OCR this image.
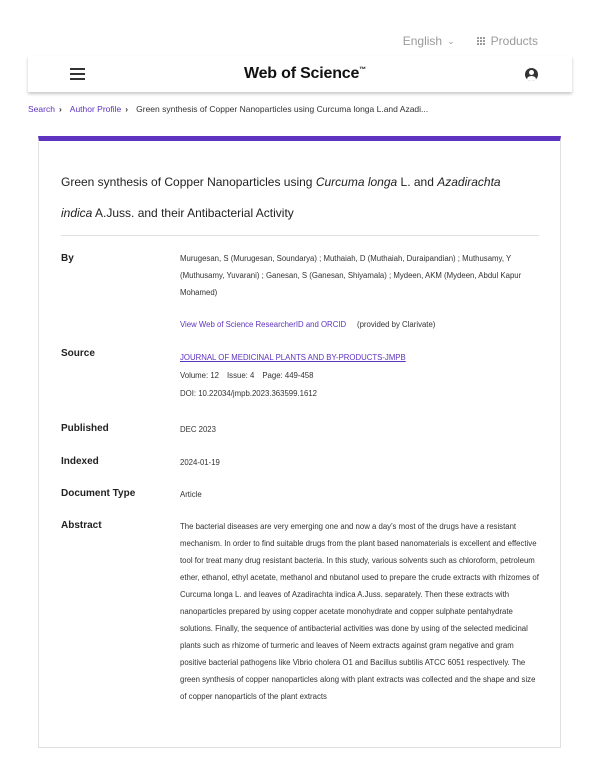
English ⌄	Products
Web of Science™
Search › Author Profile › Green synthesis of Copper Nanoparticles using Curcuma longa L.and Azadi...
Green synthesis of Copper Nanoparticles using Curcuma longa L. and Azadirachta indica A.Juss. and their Antibacterial Activity
By	Murugesan, S (Murugesan, Soundarya) ; Muthaiah, D (Muthaiah, Duraipandian) ; Muthusamy, Y (Muthusamy, Yuvarani) ; Ganesan, S (Ganesan, Shiyamala) ; Mydeen, AKM (Mydeen, Abdul Kapur Mohamed)
View Web of Science ResearcherID and ORCID (provided by Clarivate)
Source	JOURNAL OF MEDICINAL PLANTS AND BY-PRODUCTS-JMPB
Volume: 12 Issue: 4 Page: 449-458
DOI: 10.22034/jmpb.2023.363599.1612
Published	DEC 2023
Indexed	2024-01-19
Document Type	Article
Abstract	The bacterial diseases are very emerging one and now a day's most of the drugs have a resistant mechanism. In order to find suitable drugs from the plant based nanomaterials is excellent and effective tool for treat many drug resistant bacteria. In this study, various solvents such as chloroform, petroleum ether, ethanol, ethyl acetate, methanol and nbutanol used to prepare the crude extracts with rhizomes of Curcuma longa L. and leaves of Azadirachta indica A.Juss. separately. Then these extracts with nanoparticles prepared by using copper acetate monohydrate and copper sulphate pentahydrate solutions. Finally, the sequence of antibacterial activities was done by using of the selected medicinal plants such as rhizome of turmeric and leaves of Neem extracts against gram negative and gram positive bacterial pathogens like Vibrio cholera O1 and Bacillus subtilis ATCC 6051 respectively. The green synthesis of copper nanoparticles along with plant extracts was collected and the shape and size of copper nanoparticls of the plant extracts
